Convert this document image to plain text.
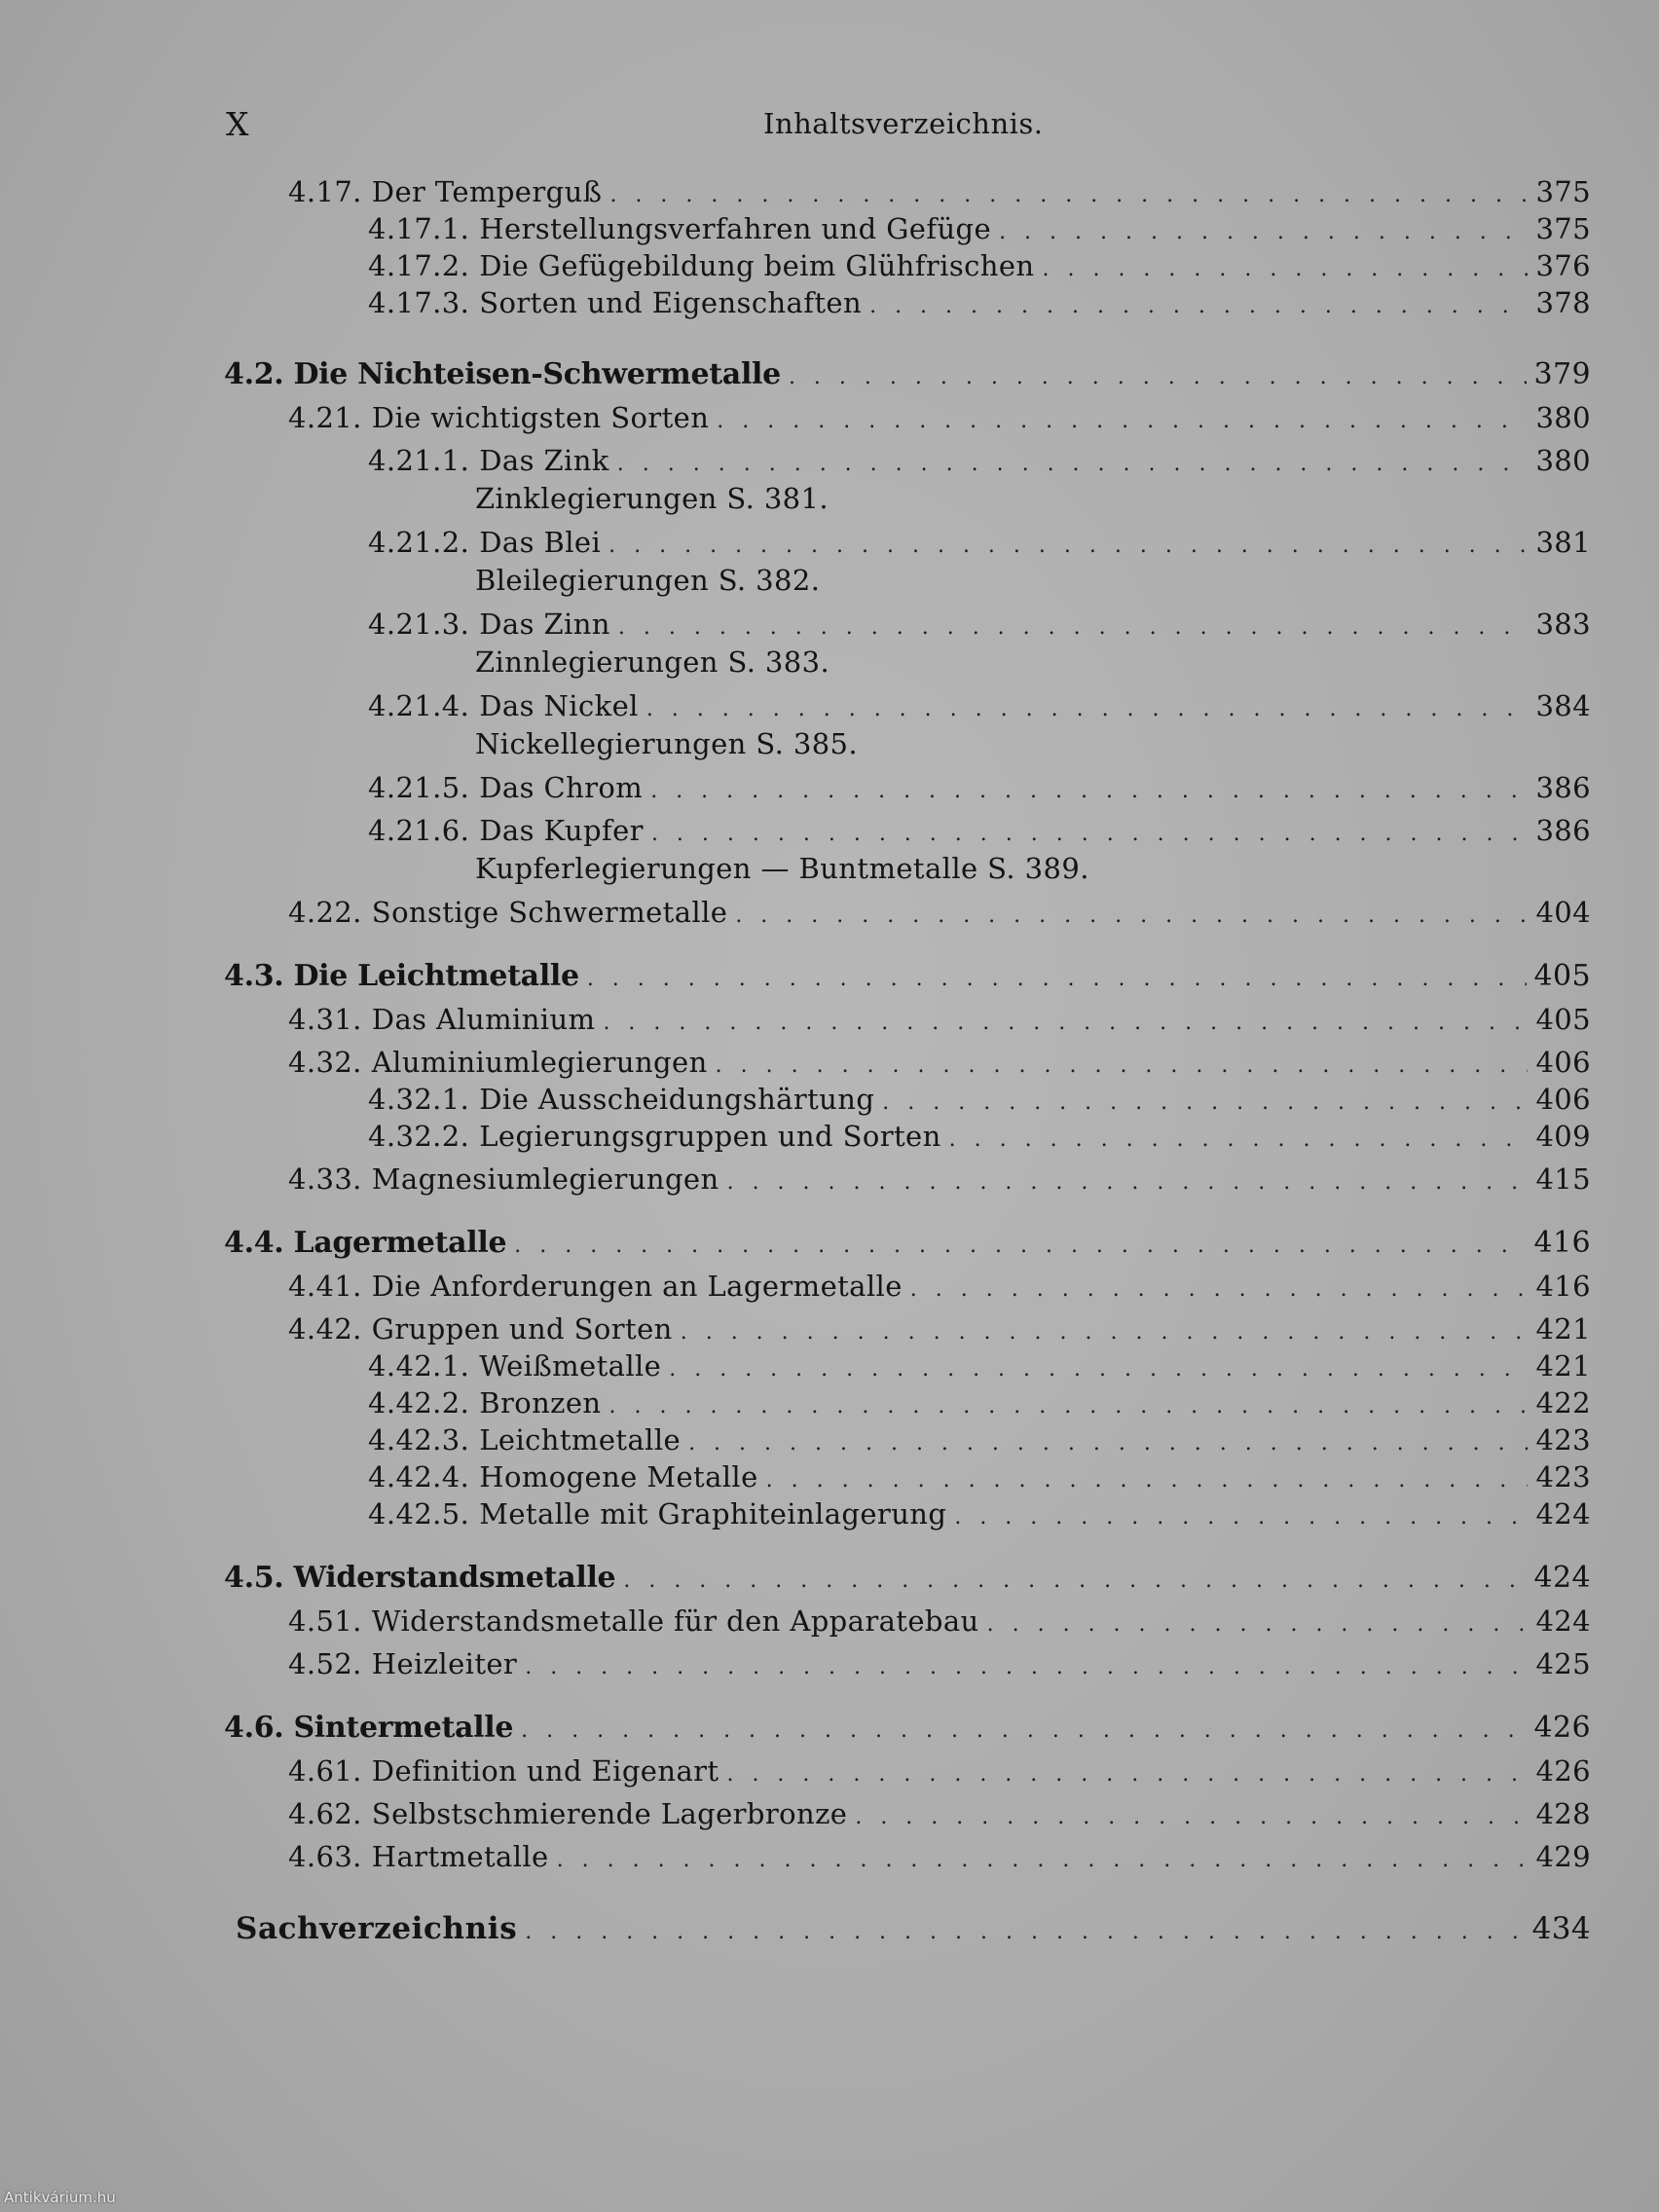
X	Inhaltsverzeichnis.
4.17. Der Temperguß . . .	375
4.17.1. Herstellungsverfahren und Gefüge . . .	375
4.17.2. Die Gefügebildung beim Glühfrischen . . .	376
4.17.3. Sorten und Eigenschaften . . .	378
4.2. Die Nichteisen-Schwermetalle . . .	379
4.21. Die wichtigsten Sorten . . .	380
4.21.1. Das Zink . . .	380
Zinklegierungen S. 381.
4.21.2. Das Blei . . .	381
Bleilegierungen S. 382.
4.21.3. Das Zinn . . .	383
Zinnlegierungen S. 383.
4.21.4. Das Nickel . . .	384
Nickellegierungen S. 385.
4.21.5. Das Chrom . . .	386
4.21.6. Das Kupfer . . .	386
Kupferlegierungen — Buntmetalle S. 389.
4.22. Sonstige Schwermetalle . . .	404
4.3. Die Leichtmetalle . . .	405
4.31. Das Aluminium . . .	405
4.32. Aluminiumlegierungen . . .	406
4.32.1. Die Ausscheidungshärtung . . .	406
4.32.2. Legierungsgruppen und Sorten . . .	409
4.33. Magnesiumlegierungen . . .	415
4.4. Lagermetalle . . .	416
4.41. Die Anforderungen an Lagermetalle . . .	416
4.42. Gruppen und Sorten . . .	421
4.42.1. Weißmetalle . . .	421
4.42.2. Bronzen . . .	422
4.42.3. Leichtmetalle . . .	423
4.42.4. Homogene Metalle . . .	423
4.42.5. Metalle mit Graphiteinlagerung . . .	424
4.5. Widerstandsmetalle . . .	424
4.51. Widerstandsmetalle für den Apparatebau . . .	424
4.52. Heizleiter . . .	425
4.6. Sintermetalle . . .	426
4.61. Definition und Eigenart . . .	426
4.62. Selbstschmierende Lagerbronze . . .	428
4.63. Hartmetalle . . .	429
Sachverzeichnis . . .	434
Antikvárium.hu
